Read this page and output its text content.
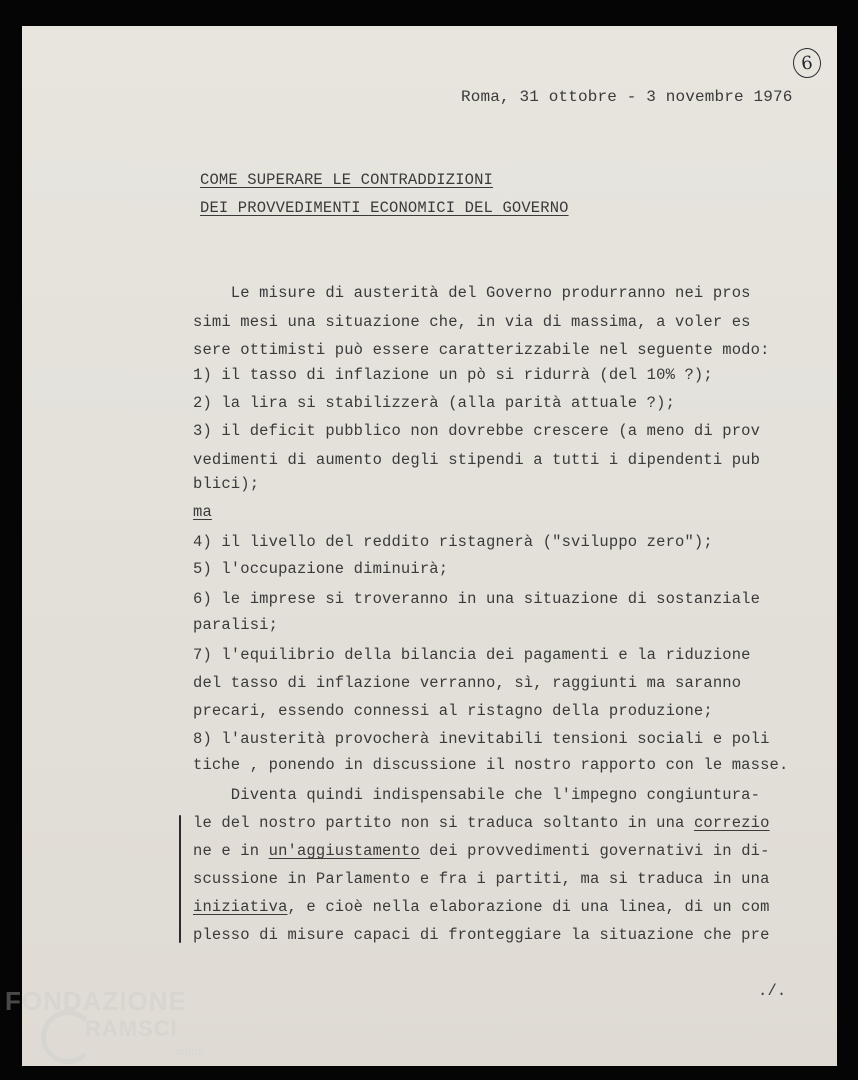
6
Roma, 31 ottobre - 3 novembre 1976
COME SUPERARE LE CONTRADDIZIONI
DEI PROVVEDIMENTI ECONOMICI DEL GOVERNO
Le misure di austerità del Governo produrranno nei pros
simi mesi una situazione che, in via di massima, a voler es
sere ottimisti può essere caratterizzabile nel seguente modo:
1) il tasso di inflazione un pò si ridurrà (del 10% ?);
2) la lira si stabilizzerà (alla parità attuale ?);
3) il deficit pubblico non dovrebbe crescere (a meno di prov
vedimenti di aumento degli stipendi a tutti i dipendenti pub
blici);
ma
4) il livello del reddito ristagnerà ("sviluppo zero");
5) l'occupazione diminuirà;
6) le imprese si troveranno in una situazione di sostanziale
paralisi;
7) l'equilibrio della bilancia dei pagamenti e la riduzione
del tasso di inflazione verranno, sì, raggiunti ma saranno
precari, essendo connessi al ristagno della produzione;
8) l'austerità provocherà inevitabili tensioni sociali e poli
tiche , ponendo in discussione il nostro rapporto con le masse.
Diventa quindi indispensabile che l'impegno congiuntura-
le del nostro partito non si traduca soltanto in una correzio
ne e in un'aggiustamento dei provvedimenti governativi in di-
scussione in Parlamento e fra i partiti, ma si traduca in una
iniziativa, e cioè nella elaborazione di una linea, di un com
plesso di misure capaci di fronteggiare la situazione che pre
./.
FONDAZIONE
RAMSCI
onlus
